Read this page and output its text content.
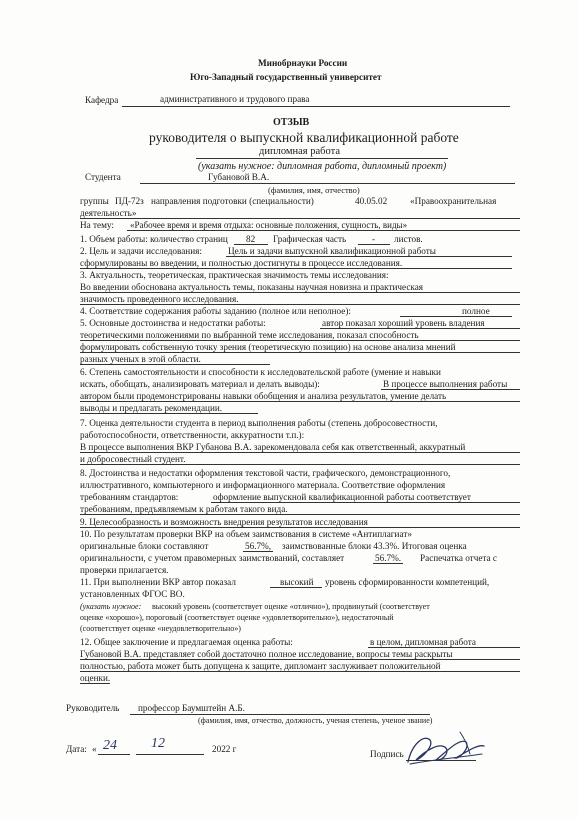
Минобрнауки России
Юго-Западный государственный университет
Кафедра	административного и трудового права
ОТЗЫВ
руководителя о выпускной квалификационной работе
дипломная работа
(указать нужное: дипломная работа, дипломный проект)
Студента	Губановой В.А.
(фамилия, имя, отчество)
группы ПД-72з направления подготовки (специальности)	40.05.02 «Правоохранительная
деятельность»
На тему: «Рабочее время и время отдыха: основные положения, сущность, виды»
1. Объем работы: количество страниц 82 Графическая часть	- листов.
2. Цель и задачи исследования:	Цель и задачи выпускной квалификационной работы
сформулированы во введении, и полностью достигнуты в процессе исследования.
3. Актуальность, теоретическая, практическая значимость темы исследования:
Во введении обоснована актуальность темы, показаны научная новизна и практическая
значимость проведенного исследования.
4. Соответствие содержания работы заданию (полное или неполное):	полное
5. Основные достоинства и недостатки работы:	автор показал хороший уровень владения
теоретическими положениями по выбранной теме исследования, показал способность
формулировать собственную точку зрения (теоретическую позицию) на основе анализа мнений
разных ученых в этой области.
6. Степень самостоятельности и способности к исследовательской работе (умение и навыки
искать, обобщать, анализировать материал и делать выводы):	В процессе выполнения работы
автором были продемонстрированы навыки обобщения и анализа результатов, умение делать
выводы и предлагать рекомендации.
7. Оценка деятельности студента в период выполнения работы (степень добросовестности,
работоспособности, ответственности, аккуратности т.п.):
В процессе выполнения ВКР Губанова В.А. зарекомендовала себя как ответственный, аккуратный
и добросовестный студент.
8. Достоинства и недостатки оформления текстовой части, графического, демонстрационного,
иллюстративного, компьютерного и информационного материала. Соответствие оформления
требованиям стандартов:	оформление выпускной квалификационной работы соответствует
требованиям, предъявляемым к работам такого вида.
9. Целесообразность и возможность внедрения результатов исследования
10. По результатам проверки ВКР на объем заимствования в системе «Антиплагиат»
оригинальные блоки составляют	56.7%, заимствованные блоки 43.3%. Итоговая оценка
оригинальности, с учетом правомерных заимствований, составляет	56.7%. Распечатка отчета с
проверки прилагается.
11. При выполнении ВКР автор показал	высокий уровень сформированности компетенций,
установленных ФГОС ВО.
(указать нужное: высокий уровень (соответствует оценке «отлично»), продвинутый (соответствует
оценке «хорошо»), пороговый (соответствует оценке «удовлетворительно»), недостаточный
(соответствует оценке «неудовлетворительно»)
12. Общее заключение и предлагаемая оценка работы:	в целом, дипломная работа
Губановой В.А. представляет собой достаточно полное исследование, вопросы темы раскрыты
полностью, работа может быть допущена к защите, дипломант заслуживает положительной
оценки.
Руководитель профессор Баумштейн А.Б.
(фамилия, имя, отчество, должность, ученая степень, ученое звание)
Дата: « 24 12	2022 г	Подпись
